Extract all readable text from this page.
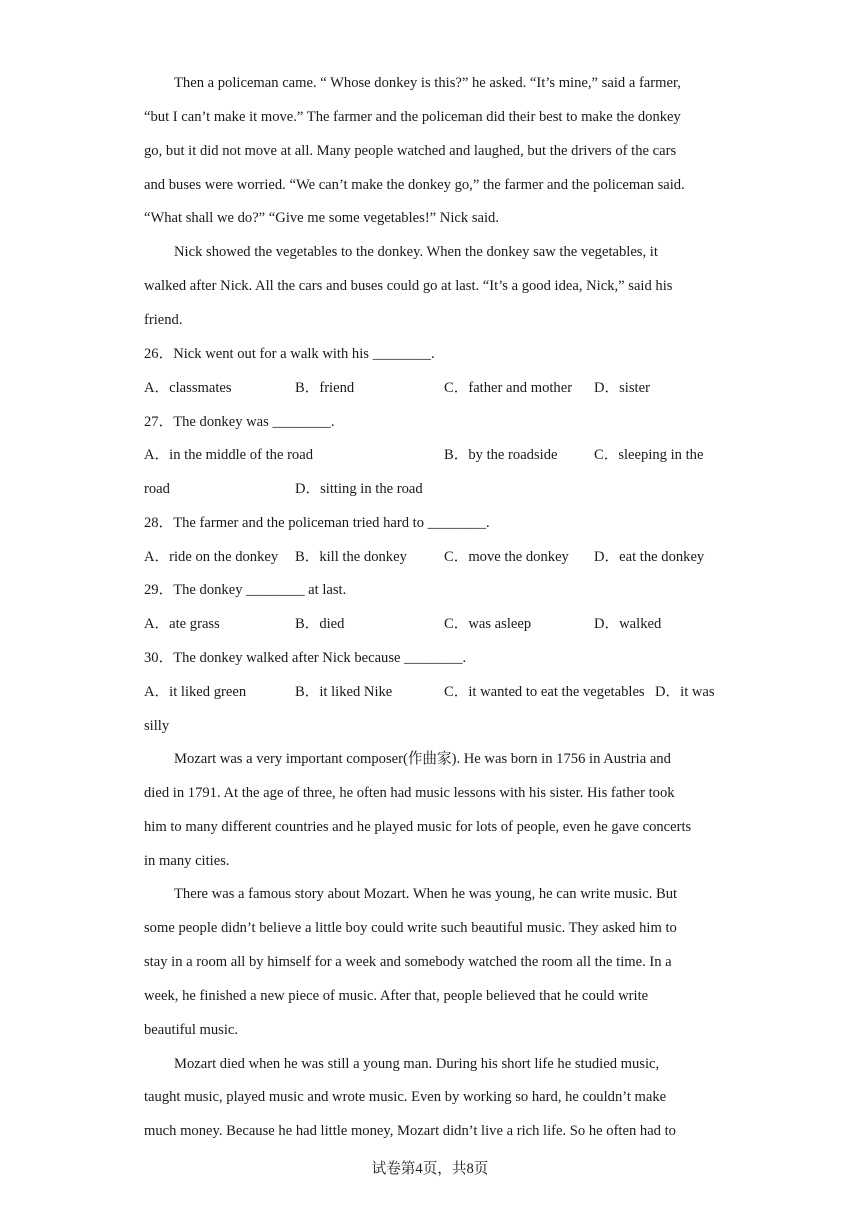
Then a policeman came. “ Whose donkey is this?” he asked. “It’s mine,” said a farmer,
“but I can’t make it move.” The farmer and the policeman did their best to make the donkey
go, but it did not move at all. Many people watched and laughed, but the drivers of the cars
and buses were worried. “We can’t make the donkey go,” the farmer and the policeman said.
“What shall we do?” “Give me some vegetables!” Nick said.
Nick showed the vegetables to the donkey. When the donkey saw the vegetables, it
walked after Nick. All the cars and buses could go at last. “It’s a good idea, Nick,” said his
friend.
26．Nick went out for a walk with his ________.
A．classmates	B．friend	C．father and mother D．sister
27．The donkey was ________.
A．in the middle of the road	B．by the roadside	C．sleeping in the
road	D．sitting in the road
28．The farmer and the policeman tried hard to ________.
A．ride on the donkey B．kill the donkey	C．move the donkey D．eat the donkey
29．The donkey ________ at last.
A．ate grass	B．died	C．was asleep	D．walked
30．The donkey walked after Nick because ________.
A．it liked green	B．it liked Nike	C．it wanted to eat the vegetables D．it was
silly
Mozart was a very important composer(作曲家). He was born in 1756 in Austria and
died in 1791. At the age of three, he often had music lessons with his sister. His father took
him to many different countries and he played music for lots of people, even he gave concerts
in many cities.
There was a famous story about Mozart. When he was young, he can write music. But
some people didn’t believe a little boy could write such beautiful music. They asked him to
stay in a room all by himself for a week and somebody watched the room all the time. In a
week, he finished a new piece of music. After that, people believed that he could write
beautiful music.
Mozart died when he was still a young man. During his short life he studied music,
taught music, played music and wrote music. Even by working so hard, he couldn’t make
much money. Because he had little money, Mozart didn’t live a rich life. So he often had to
试卷第4页，共8页
